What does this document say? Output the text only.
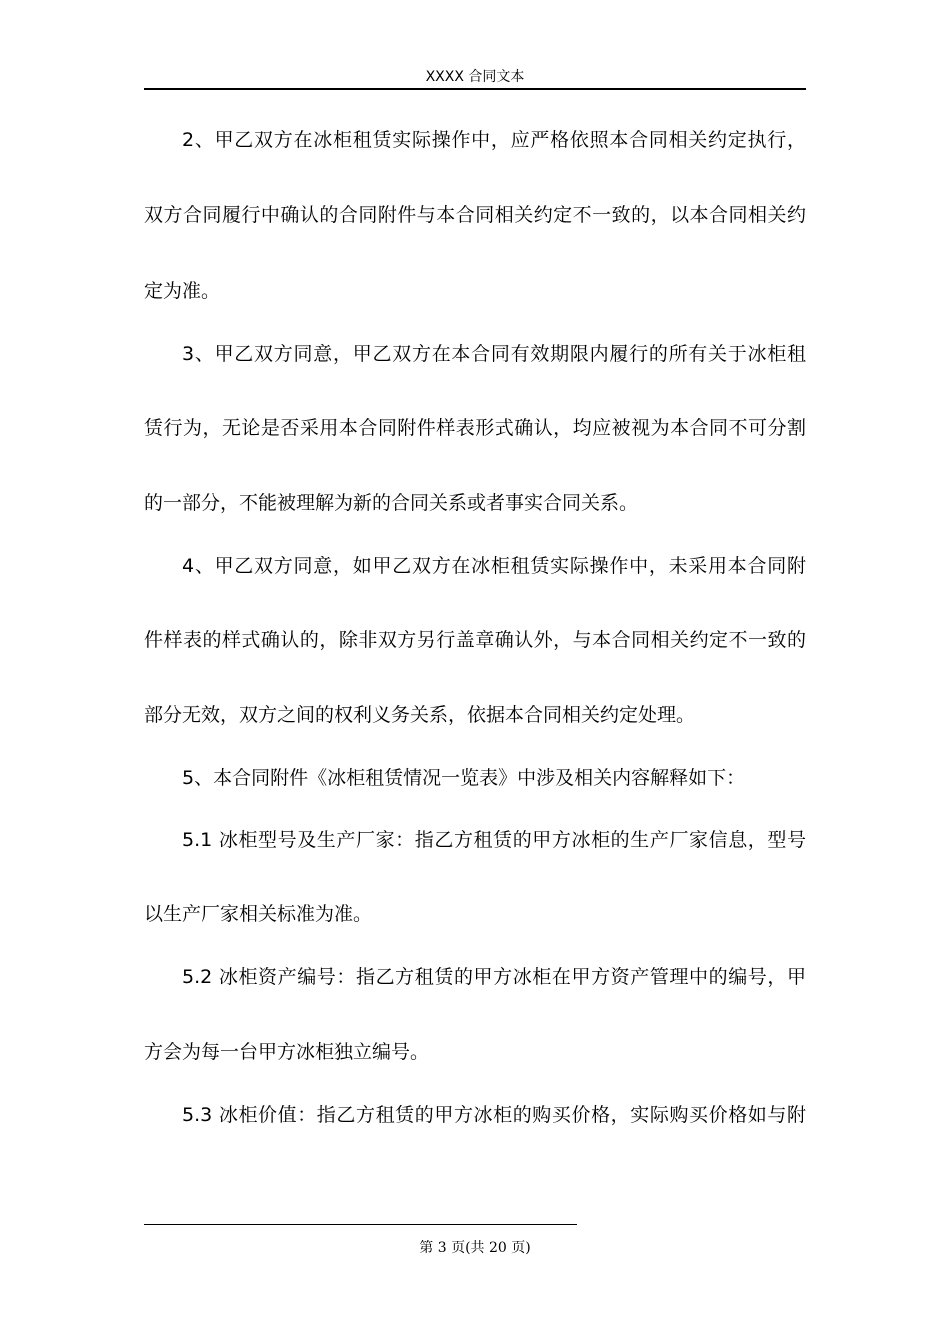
XXXX 合同文本
2、甲乙双方在冰柜租赁实际操作中，应严格依照本合同相关约定执行，
双方合同履行中确认的合同附件与本合同相关约定不一致的，以本合同相关约
定为准。
3、甲乙双方同意，甲乙双方在本合同有效期限内履行的所有关于冰柜租
赁行为，无论是否采用本合同附件样表形式确认，均应被视为本合同不可分割
的一部分，不能被理解为新的合同关系或者事实合同关系。
4、甲乙双方同意，如甲乙双方在冰柜租赁实际操作中，未采用本合同附
件样表的样式确认的，除非双方另行盖章确认外，与本合同相关约定不一致的
部分无效，双方之间的权利义务关系，依据本合同相关约定处理。
5、本合同附件《冰柜租赁情况一览表》中涉及相关内容解释如下：
5.1 冰柜型号及生产厂家：指乙方租赁的甲方冰柜的生产厂家信息，型号
以生产厂家相关标准为准。
5.2 冰柜资产编号：指乙方租赁的甲方冰柜在甲方资产管理中的编号，甲
方会为每一台甲方冰柜独立编号。
5.3 冰柜价值：指乙方租赁的甲方冰柜的购买价格，实际购买价格如与附
第 3 页(共 20 页)
